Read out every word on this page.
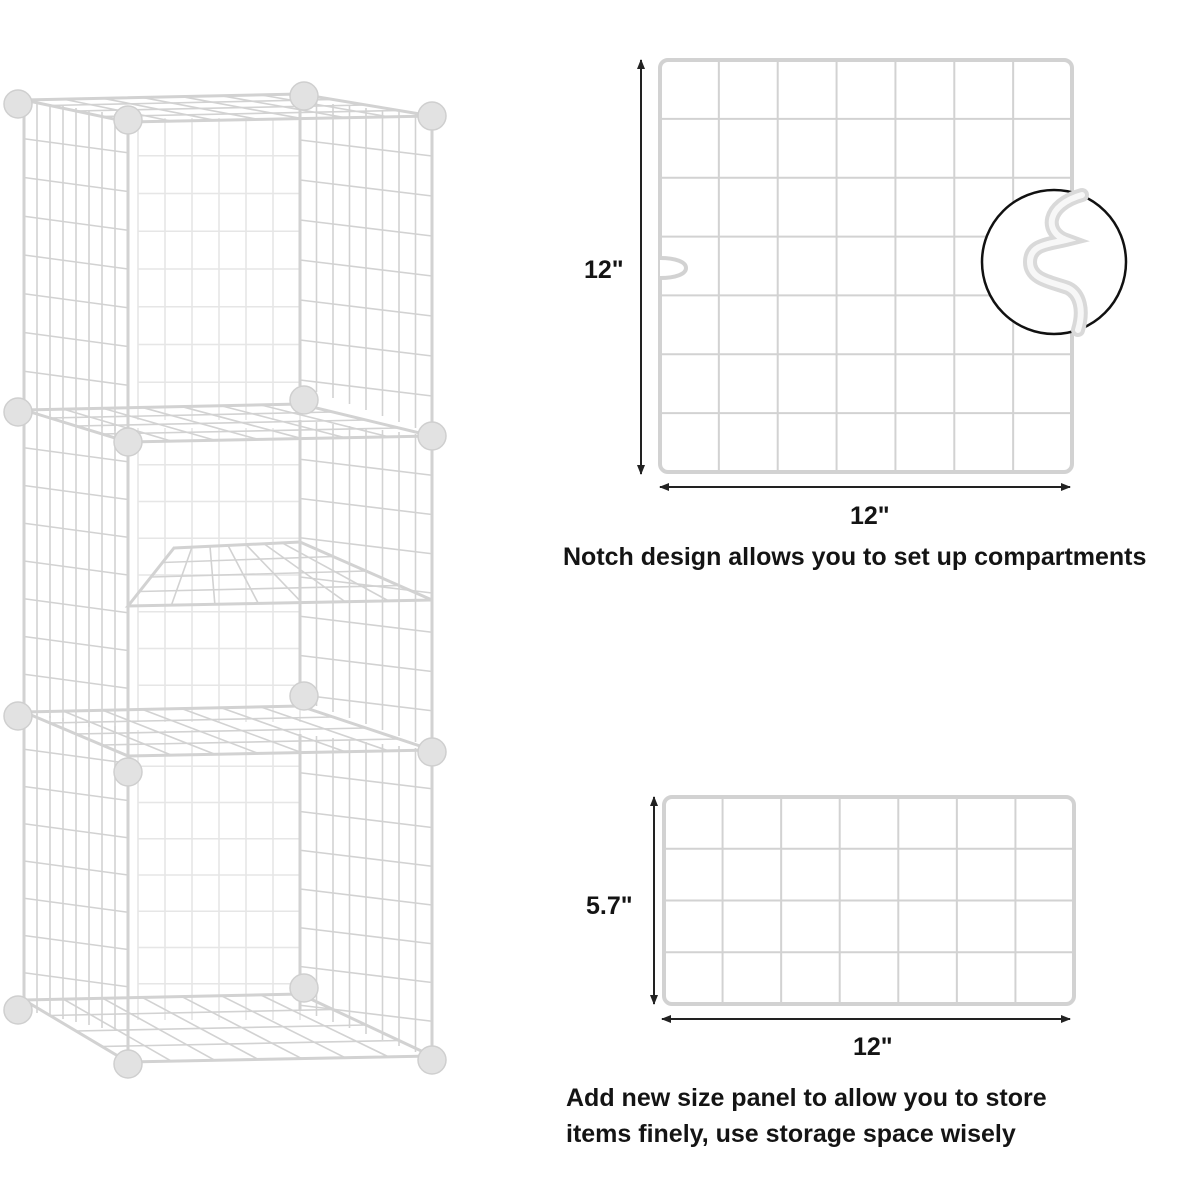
12"
12"
Notch design allows you to set up compartments
5.7"
12"
Add new size panel to allow you to store
items finely, use storage space wisely
